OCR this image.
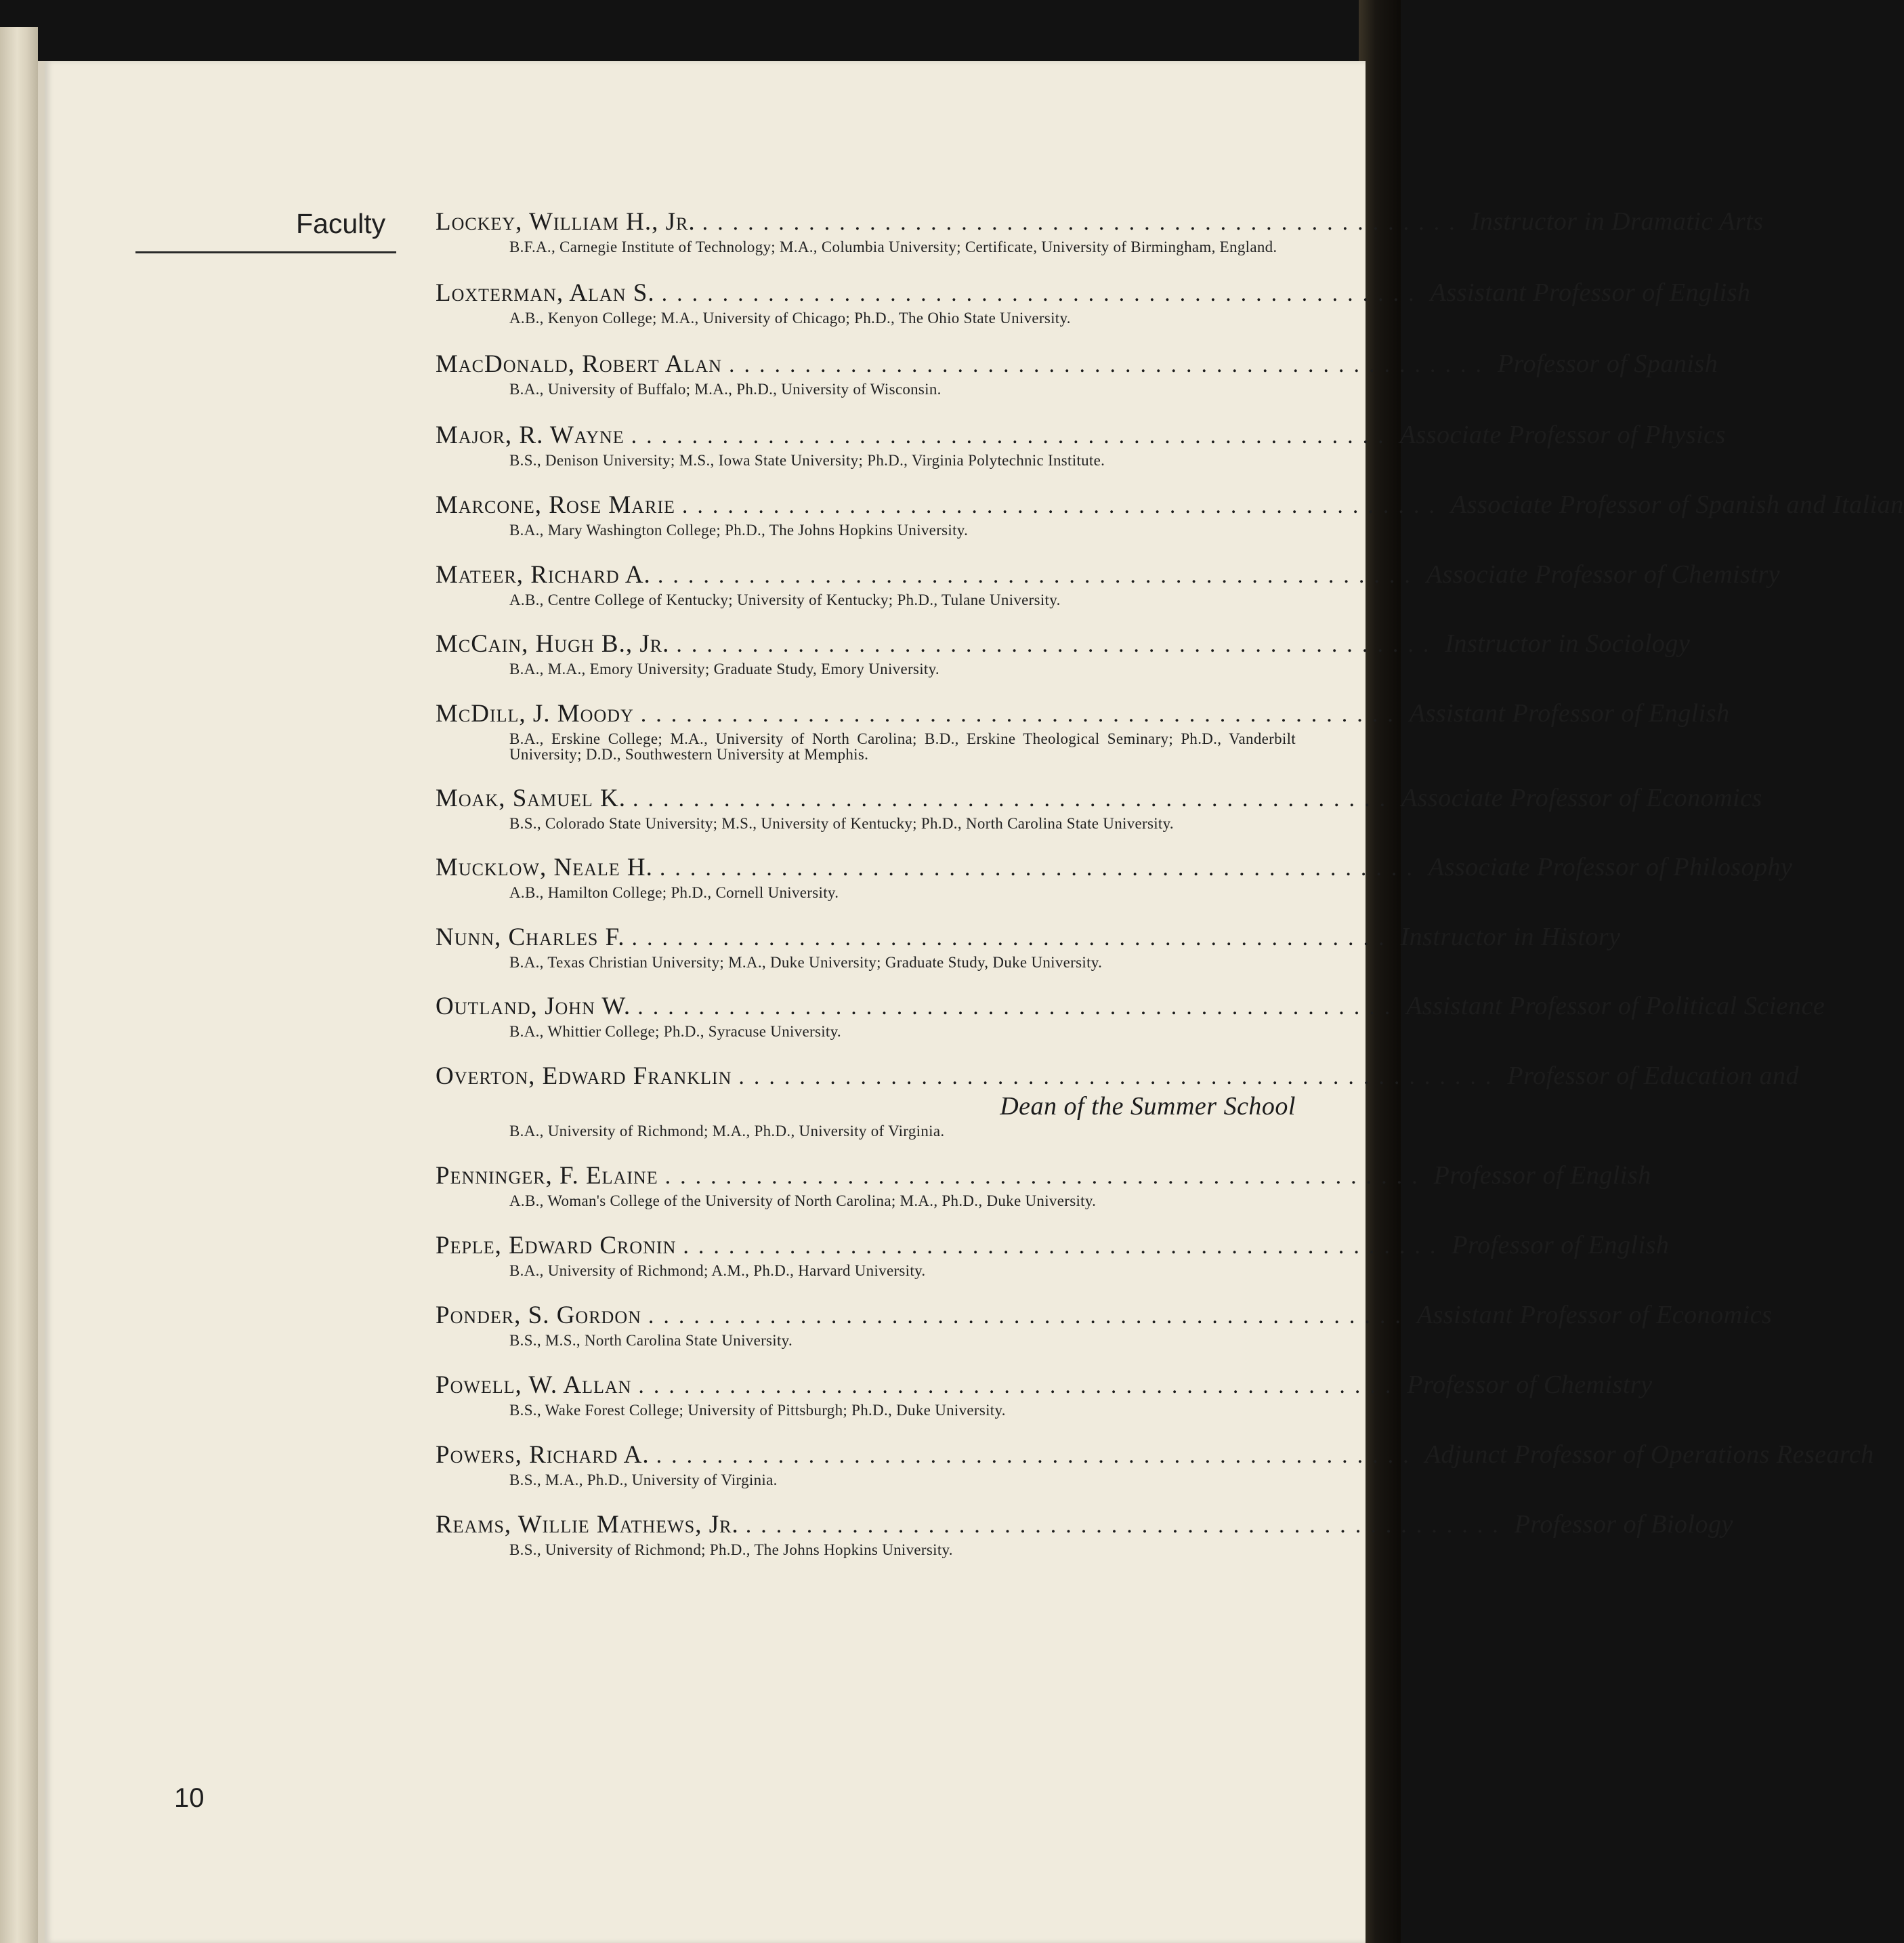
Faculty Lockey, William H., Jr. .................................................. Instructor in Dramatic Arts
B.F.A., Carnegie Institute of Technology; M.A., Columbia University; Certificate, University of Birmingham, England.
Loxterman, Alan S. .................................................. Assistant Professor of English
A.B., Kenyon College; M.A., University of Chicago; Ph.D., The Ohio State University.
MacDonald, Robert Alan .................................................. Professor of Spanish
B.A., University of Buffalo; M.A., Ph.D., University of Wisconsin.
Major, R. Wayne .................................................. Associate Professor of Physics
B.S., Denison University; M.S., Iowa State University; Ph.D., Virginia Polytechnic Institute.
Marcone, Rose Marie .................................................. Associate Professor of Spanish and Italian
B.A., Mary Washington College; Ph.D., The Johns Hopkins University.
Mateer, Richard A. .................................................. Associate Professor of Chemistry
A.B., Centre College of Kentucky; University of Kentucky; Ph.D., Tulane University.
McCain, Hugh B., Jr. .................................................. Instructor in Sociology
B.A., M.A., Emory University; Graduate Study, Emory University.
McDill, J. Moody .................................................. Assistant Professor of English
B.A., Erskine College; M.A., University of North Carolina; B.D., Erskine Theological Seminary; Ph.D., Vanderbilt University; D.D., Southwestern University at Memphis.
Moak, Samuel K. .................................................. Associate Professor of Economics
B.S., Colorado State University; M.S., University of Kentucky; Ph.D., North Carolina State University.
Mucklow, Neale H. .................................................. Associate Professor of Philosophy
A.B., Hamilton College; Ph.D., Cornell University.
Nunn, Charles F. .................................................. Instructor in History
B.A., Texas Christian University; M.A., Duke University; Graduate Study, Duke University.
Outland, John W. .................................................. Assistant Professor of Political Science
B.A., Whittier College; Ph.D., Syracuse University.
Overton, Edward Franklin .................................................. Professor of Education and
Dean of the Summer School
B.A., University of Richmond; M.A., Ph.D., University of Virginia.
Penninger, F. Elaine .................................................. Professor of English
A.B., Woman's College of the University of North Carolina; M.A., Ph.D., Duke University.
Peple, Edward Cronin .................................................. Professor of English
B.A., University of Richmond; A.M., Ph.D., Harvard University.
Ponder, S. Gordon .................................................. Assistant Professor of Economics
B.S., M.S., North Carolina State University.
Powell, W. Allan .................................................. Professor of Chemistry
B.S., Wake Forest College; University of Pittsburgh; Ph.D., Duke University.
Powers, Richard A. .................................................. Adjunct Professor of Operations Research
B.S., M.A., Ph.D., University of Virginia.
Reams, Willie Mathews, Jr. .................................................. Professor of Biology
B.S., University of Richmond; Ph.D., The Johns Hopkins University.
10
